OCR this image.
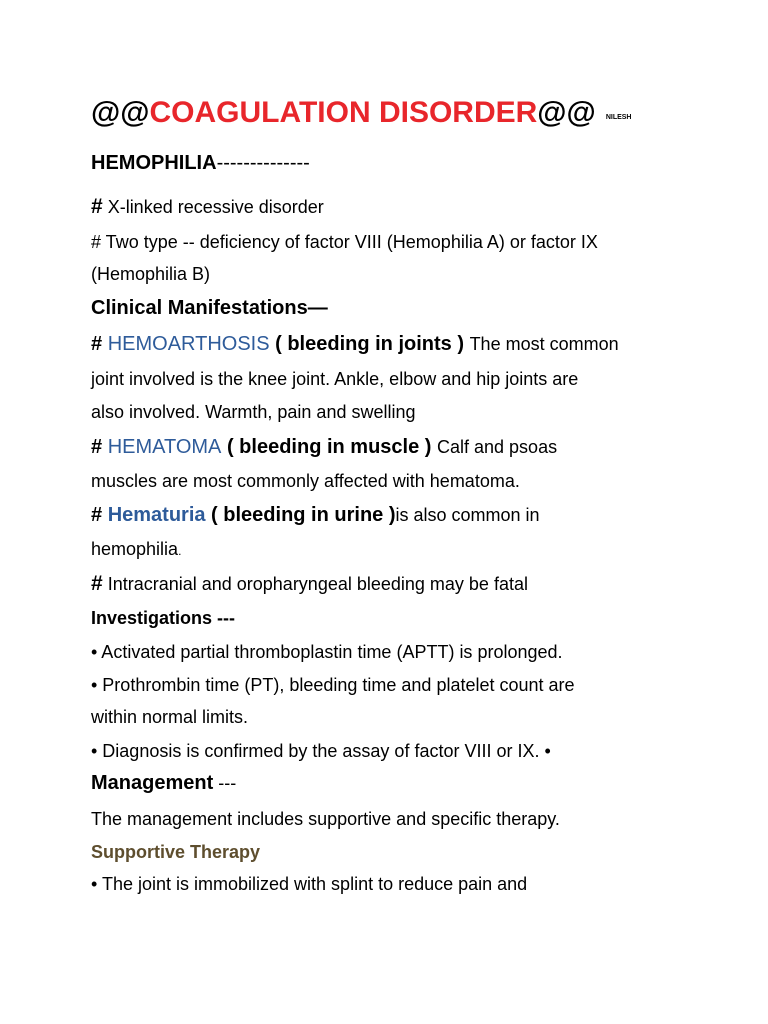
@@COAGULATION DISORDER@@ NILESH
HEMOPHILIA--------------
# X-linked recessive disorder
# Two type -- deficiency of factor VIII (Hemophilia A) or factor IX
(Hemophilia B)
Clinical Manifestations—
# HEMOARTHOSIS ( bleeding in joints ) The most common
joint involved is the knee joint. Ankle, elbow and hip joints are
also involved. Warmth, pain and swelling
# HEMATOMA ( bleeding in muscle ) Calf and psoas
muscles are most commonly affected with hematoma.
# Hematuria ( bleeding in urine )is also common in
hemophilia.
# Intracranial and oropharyngeal bleeding may be fatal
Investigations ---
• Activated partial thromboplastin time (APTT) is prolonged.
• Prothrombin time (PT), bleeding time and platelet count are
within normal limits.
• Diagnosis is confirmed by the assay of factor VIII or IX. •
Management ---
The management includes supportive and specific therapy.
Supportive Therapy
• The joint is immobilized with splint to reduce pain and
